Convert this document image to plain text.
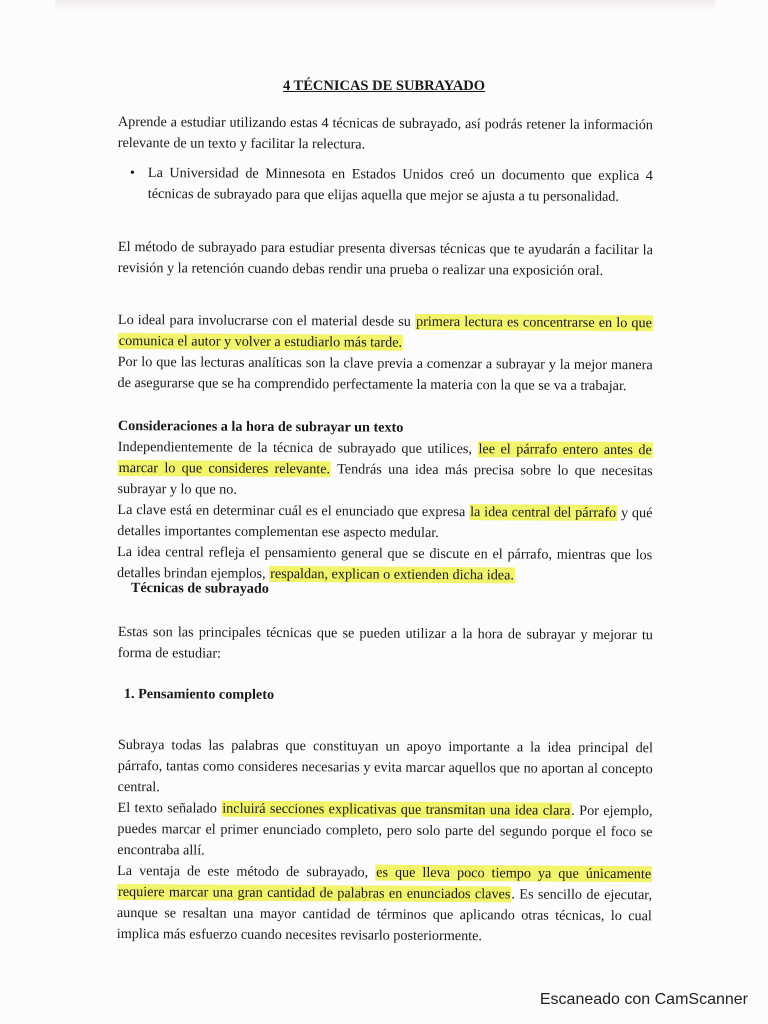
4 TÉCNICAS DE SUBRAYADO

Aprende a estudiar utilizando estas 4 técnicas de subrayado, así podrás retener la información relevante de un texto y facilitar la relectura.

• La Universidad de Minnesota en Estados Unidos creó un documento que explica 4 técnicas de subrayado para que elijas aquella que mejor se ajusta a tu personalidad.

El método de subrayado para estudiar presenta diversas técnicas que te ayudarán a facilitar la revisión y la retención cuando debas rendir una prueba o realizar una exposición oral.

Lo ideal para involucrarse con el material desde su primera lectura es concentrarse en lo que comunica el autor y volver a estudiarlo más tarde.

Por lo que las lecturas analíticas son la clave previa a comenzar a subrayar y la mejor manera de asegurarse que se ha comprendido perfectamente la materia con la que se va a trabajar.

Consideraciones a la hora de subrayar un texto

Independientemente de la técnica de subrayado que utilices, lee el párrafo entero antes de marcar lo que consideres relevante. Tendrás una idea más precisa sobre lo que necesitas subrayar y lo que no.

La clave está en determinar cuál es el enunciado que expresa la idea central del párrafo y qué detalles importantes complementan ese aspecto medular.

La idea central refleja el pensamiento general que se discute en el párrafo, mientras que los detalles brindan ejemplos, respaldan, explican o extienden dicha idea.

Técnicas de subrayado

Estas son las principales técnicas que se pueden utilizar a la hora de subrayar y mejorar tu forma de estudiar:

1. Pensamiento completo

Subraya todas las palabras que constituyan un apoyo importante a la idea principal del párrafo, tantas como consideres necesarias y evita marcar aquellos que no aportan al concepto central.

El texto señalado incluirá secciones explicativas que transmitan una idea clara. Por ejemplo, puedes marcar el primer enunciado completo, pero solo parte del segundo porque el foco se encontraba allí.

La ventaja de este método de subrayado, es que lleva poco tiempo ya que únicamente requiere marcar una gran cantidad de palabras en enunciados claves. Es sencillo de ejecutar, aunque se resaltan una mayor cantidad de términos que aplicando otras técnicas, lo cual implica más esfuerzo cuando necesites revisarlo posteriormente.

Escaneado con CamScanner
